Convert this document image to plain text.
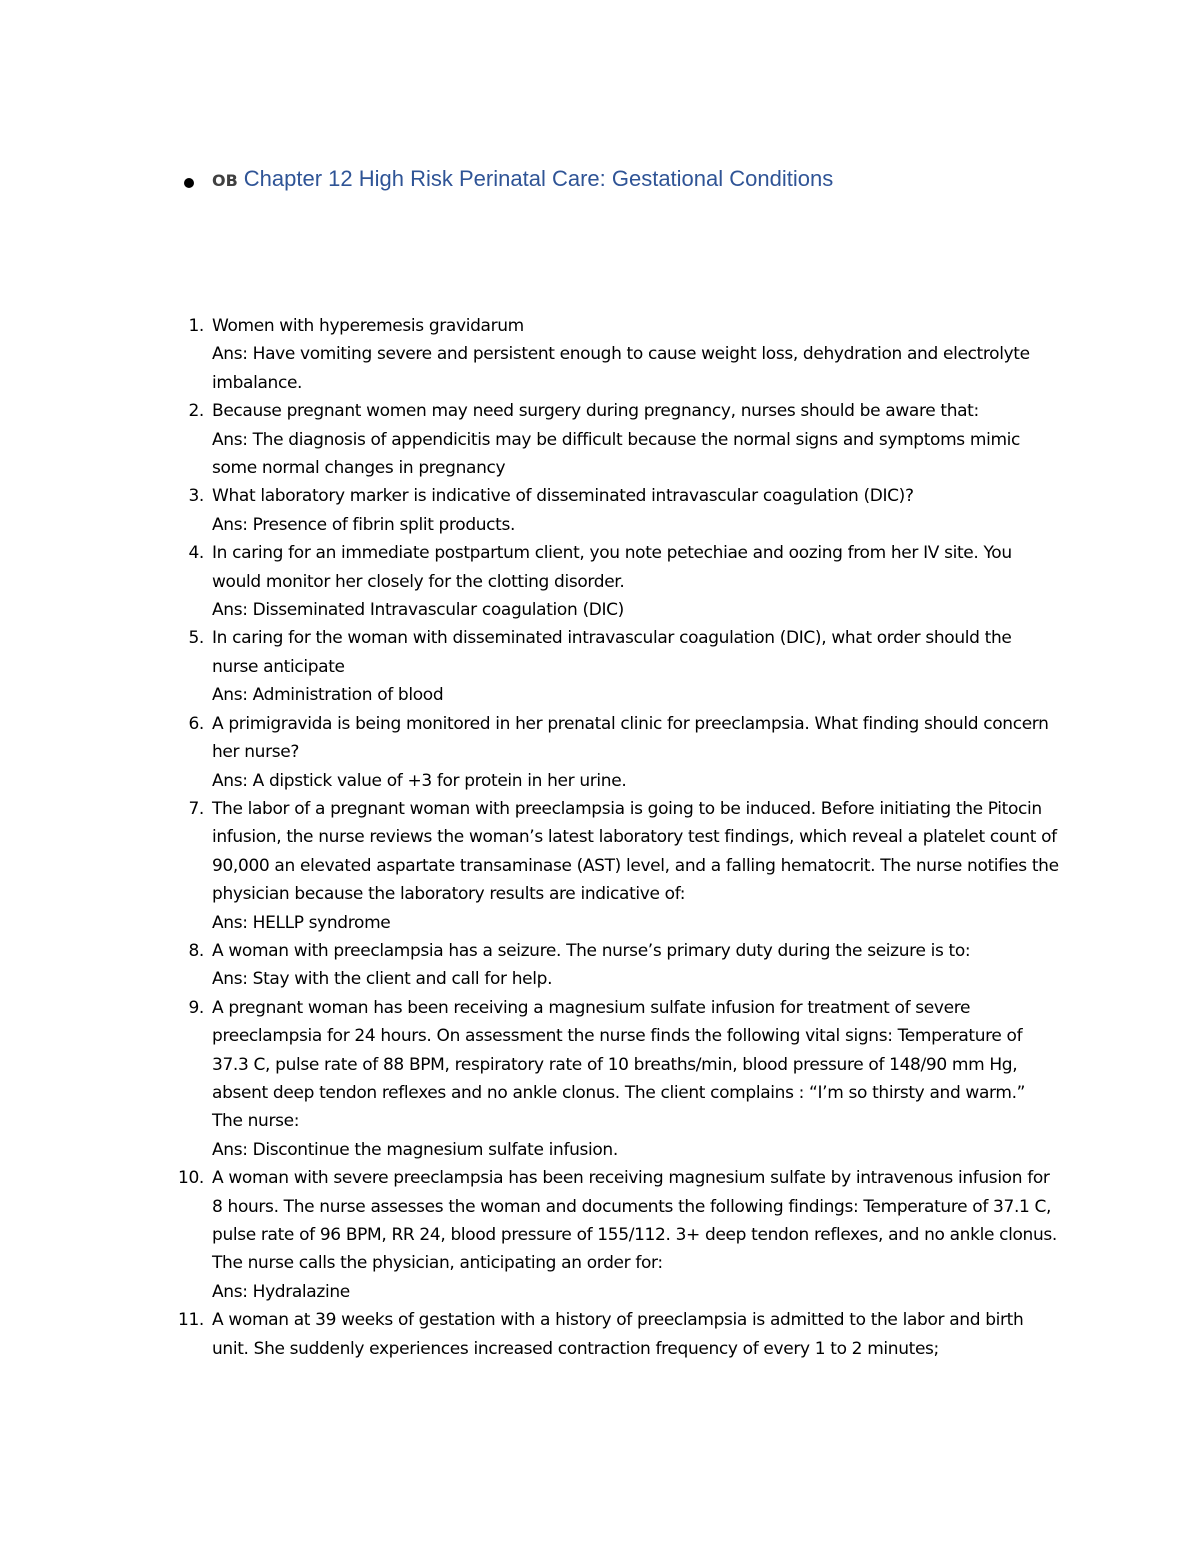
OB Chapter 12 High Risk Perinatal Care: Gestational Conditions
1. Women with hyperemesis gravidarum
Ans: Have vomiting severe and persistent enough to cause weight loss, dehydration and electrolyte imbalance.
2. Because pregnant women may need surgery during pregnancy, nurses should be aware that:
Ans: The diagnosis of appendicitis may be difficult because the normal signs and symptoms mimic some normal changes in pregnancy
3. What laboratory marker is indicative of disseminated intravascular coagulation (DIC)?
Ans: Presence of fibrin split products.
4. In caring for an immediate postpartum client, you note petechiae and oozing from her IV site. You would monitor her closely for the clotting disorder.
Ans: Disseminated Intravascular coagulation (DIC)
5. In caring for the woman with disseminated intravascular coagulation (DIC), what order should the nurse anticipate
Ans: Administration of blood
6. A primigravida is being monitored in her prenatal clinic for preeclampsia. What finding should concern her nurse?
Ans: A dipstick value of +3 for protein in her urine.
7. The labor of a pregnant woman with preeclampsia is going to be induced. Before initiating the Pitocin infusion, the nurse reviews the woman’s latest laboratory test findings, which reveal a platelet count of 90,000 an elevated aspartate transaminase (AST) level, and a falling hematocrit. The nurse notifies the physician because the laboratory results are indicative of:
Ans: HELLP syndrome
8. A woman with preeclampsia has a seizure. The nurse’s primary duty during the seizure is to:
Ans: Stay with the client and call for help.
9. A pregnant woman has been receiving a magnesium sulfate infusion for treatment of severe preeclampsia for 24 hours. On assessment the nurse finds the following vital signs: Temperature of 37.3 C, pulse rate of 88 BPM, respiratory rate of 10 breaths/min, blood pressure of 148/90 mm Hg, absent deep tendon reflexes and no ankle clonus. The client complains : “I’m so thirsty and warm.” The nurse:
Ans: Discontinue the magnesium sulfate infusion.
10. A woman with severe preeclampsia has been receiving magnesium sulfate by intravenous infusion for 8 hours. The nurse assesses the woman and documents the following findings: Temperature of 37.1 C, pulse rate of 96 BPM, RR 24, blood pressure of 155/112. 3+ deep tendon reflexes, and no ankle clonus. The nurse calls the physician, anticipating an order for:
Ans: Hydralazine
11. A woman at 39 weeks of gestation with a history of preeclampsia is admitted to the labor and birth unit. She suddenly experiences increased contraction frequency of every 1 to 2 minutes;
